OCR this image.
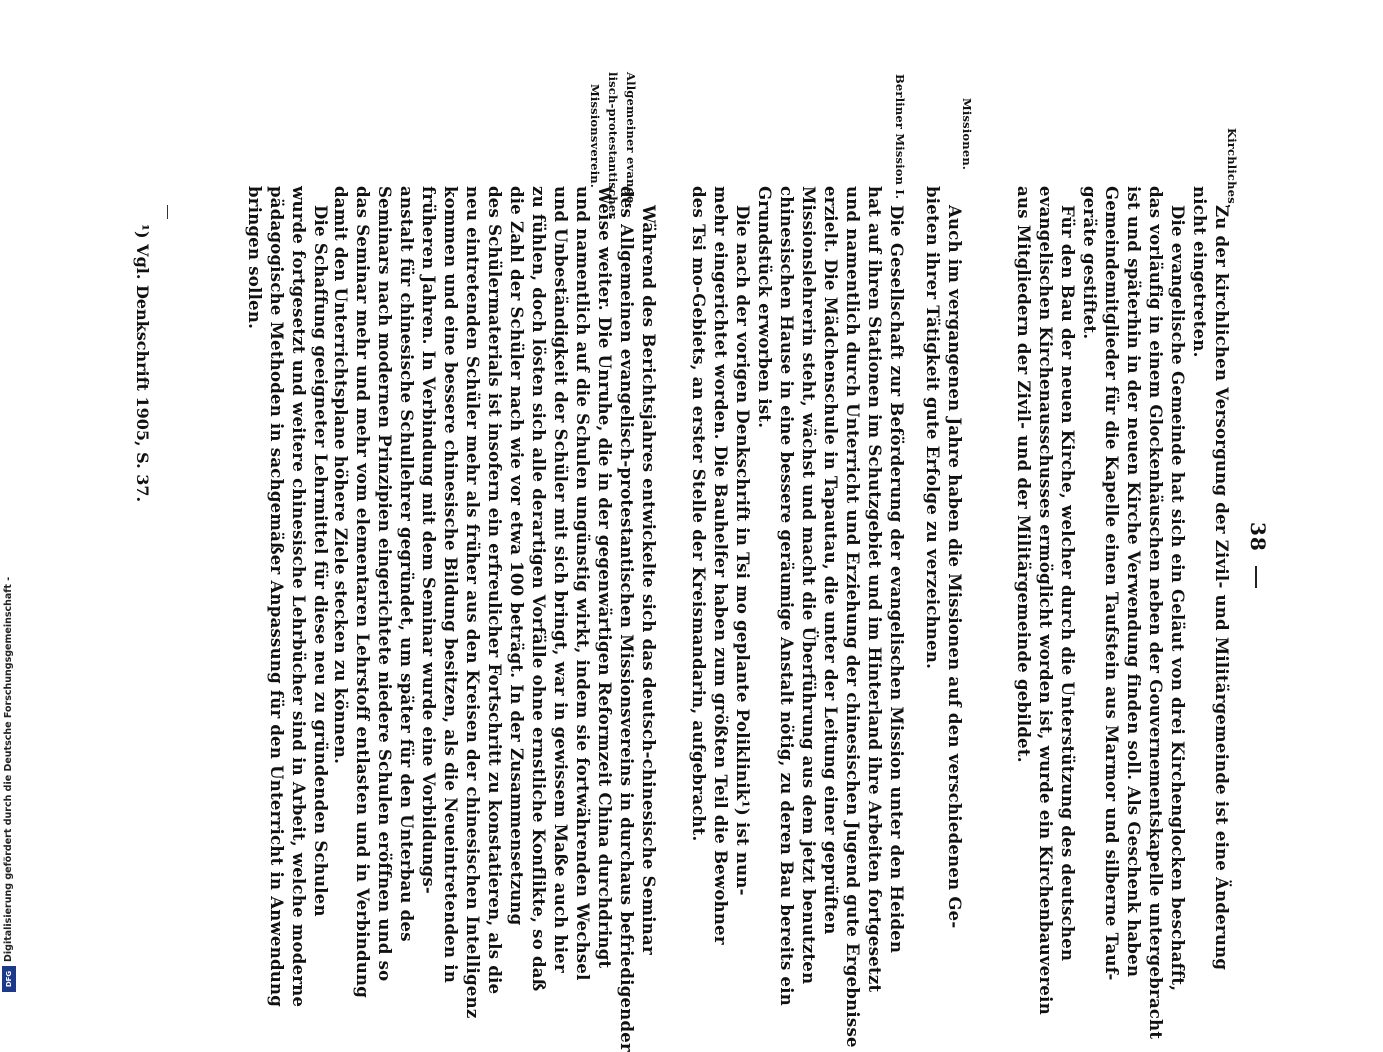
38
Kirchliches.
Missionen.
Berliner Mission I.
Allgemeiner evange-
lisch-protestantischer
Missionsverein.
Zu der kirchlichen Versorgung der Zivil- und Militärgemeinde ist eine Änderung
nicht eingetreten.
Die evangelische Gemeinde hat sich ein Geläut von drei Kirchenglocken beschafft,
das vorläufig in einem Glockenhäuschen neben der Gouvernementskapelle untergebracht
ist und späterhin in der neuen Kirche Verwendung finden soll. Als Geschenk haben
Gemeindemitglieder für die Kapelle einen Taufstein aus Marmor und silberne Tauf-
geräte gestiftet.
Für den Bau der neuen Kirche, welcher durch die Unterstützung des deutschen
evangelischen Kirchenausschusses ermöglicht worden ist, wurde ein Kirchenbauverein
aus Mitgliedern der Zivil- und der Militärgemeinde gebildet.
Auch im vergangenen Jahre haben die Missionen auf den verschiedenen Ge-
bieten ihrer Tätigkeit gute Erfolge zu verzeichnen.
Die Gesellschaft zur Beförderung der evangelischen Mission unter den Heiden
hat auf ihren Stationen im Schutzgebiet und im Hinterland ihre Arbeiten fortgesetzt
und namentlich durch Unterricht und Erziehung der chinesischen Jugend gute Ergebnisse
erzielt. Die Mädchenschule in Tapautau, die unter der Leitung einer geprüften
Missionslehrerin steht, wächst und macht die Überführung aus dem jetzt benutzten
chinesischen Hause in eine bessere geräumige Anstalt nötig, zu deren Bau bereits ein
Grundstück erworben ist.
Die nach der vorigen Denkschrift in Tsi mo geplante Poliklinik¹) ist nun-
mehr eingerichtet worden. Die Bauhelfer haben zum größten Teil die Bewohner
des Tsi mo-Gebiets, an erster Stelle der Kreismandarin, aufgebracht.
Während des Berichtsjahres entwickelte sich das deutsch-chinesische Seminar
des Allgemeinen evangelisch-protestantischen Missionsvereins in durchaus befriedigender
Weise weiter. Die Unruhe, die in der gegenwärtigen Reformzeit China durchdringt
und namentlich auf die Schulen ungünstig wirkt, indem sie fortwährenden Wechsel
und Unbeständigkeit der Schüler mit sich bringt, war in gewissem Maße auch hier
zu fühlen, doch lösten sich alle derartigen Vorfälle ohne ernstliche Konflikte, so daß
die Zahl der Schüler nach wie vor etwa 100 beträgt. In der Zusammensetzung
des Schülermaterials ist insofern ein erfreulicher Fortschritt zu konstatieren, als die
neu eintretenden Schüler mehr als früher aus den Kreisen der chinesischen Intelligenz
kommen und eine bessere chinesische Bildung besitzen, als die Neueintretenden in
früheren Jahren. In Verbindung mit dem Seminar wurde eine Vorbildungs-
anstalt für chinesische Schullehrer gegründet, um später für den Unterbau des
Seminars nach modernen Prinzipien eingerichtete niedere Schulen eröffnen und so
das Seminar mehr und mehr vom elementaren Lehrstoff entlasten und in Verbindung
damit den Unterrichtsplane höhere Ziele stecken zu können.
Die Schaffung geeigneter Lehrmittel für diese neu zu gründenden Schulen
wurde fortgesetzt und weitere chinesische Lehrbücher sind in Arbeit, welche moderne
pädagogische Methoden in sachgemäßer Anpassung für den Unterricht in Anwendung
bringen sollen.
¹) Vgl. Denkschrift 1905, S. 37.
Digitalisierung gefördert durch die Deutsche Forschungsgemeinschaft -
DFG
